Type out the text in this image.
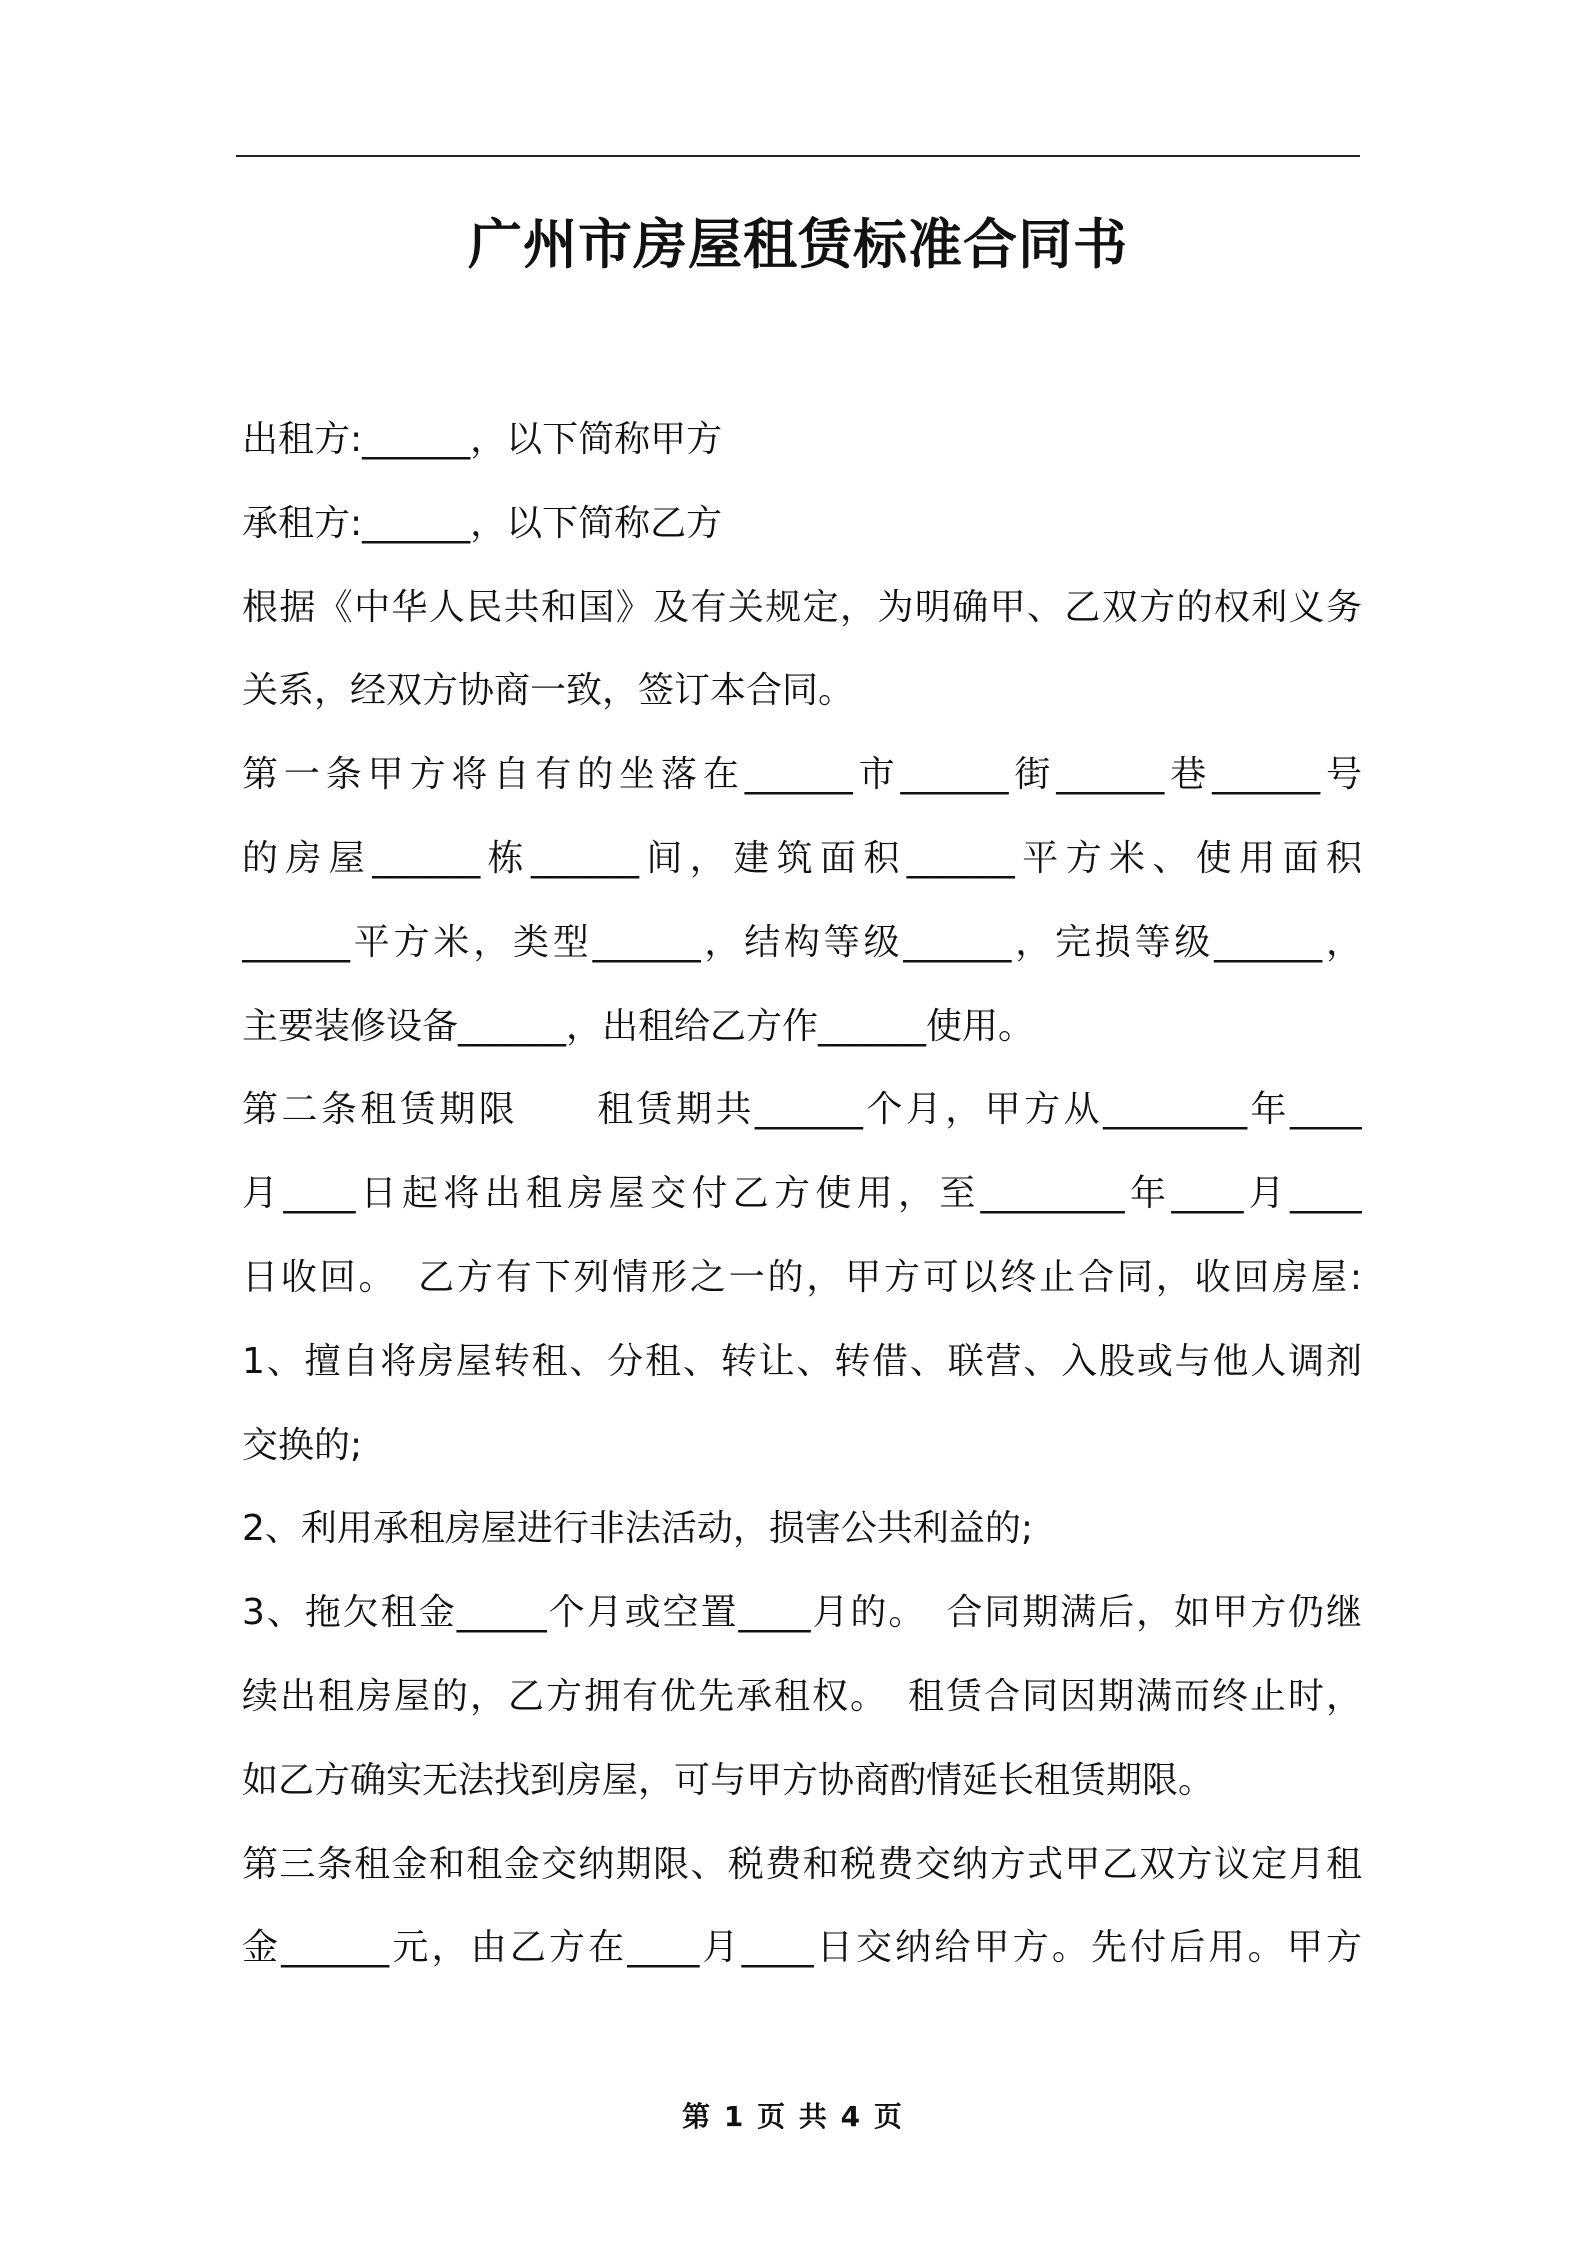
广州市房屋租赁标准合同书
出租方:______，以下简称甲方
承租方:______，以下简称乙方
根据《中华人民共和国》及有关规定，为明确甲、乙双方的权利义务
关系，经双方协商一致，签订本合同。
第一条甲方将自有的坐落在______市______街______巷______号
的房屋______栋______间，建筑面积______平方米、使用面积
______平方米，类型______，结构等级______，完损等级______，
主要装修设备______，出租给乙方作______使用。
第二条租赁期限　　租赁期共______个月，甲方从________年____
月____日起将出租房屋交付乙方使用，至________年____月____
日收回。　乙方有下列情形之一的，甲方可以终止合同，收回房屋:
1、擅自将房屋转租、分租、转让、转借、联营、入股或与他人调剂
交换的;
2、利用承租房屋进行非法活动，损害公共利益的;
3、拖欠租金_____个月或空置____月的。　合同期满后，如甲方仍继
续出租房屋的，乙方拥有优先承租权。　租赁合同因期满而终止时，
如乙方确实无法找到房屋，可与甲方协商酌情延长租赁期限。
第三条租金和租金交纳期限、税费和税费交纳方式甲乙双方议定月租
金______元，由乙方在____月____日交纳给甲方。先付后用。甲方
第 1 页 共 4 页
